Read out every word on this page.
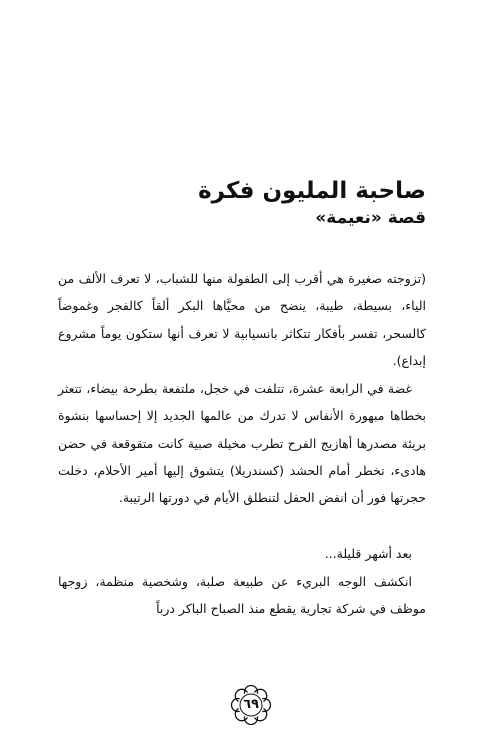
صاحبة المليون فكرة
قصة «نعيمة»
(تزوجته صغيرة هي أقرب إلى الطفولة منها للشباب، لا تعرف الألف من الياء، بسيطة، طيبة، ينضح من محيَّاها البكر ألقاً كالفجر وغموضاً كالسحر، تفسر بأفكار تتكاثر بانسيابية لا تعرف أنها ستكون يوماً مشروع إبداع).
غضة في الرابعة عشرة، تتلفت في خجل، ملتفعة بطرحة بيضاء، تتعثر بخطاها مبهورة الأنفاس لا تدرك من عالمها الجديد إلا إحساسها بنشوة بريئة مصدرها أهازيج الفرح تطرب مخيلة صبية كانت متقوقعة في حضن هادىء، تخطر أمام الحشد (كسندريلا) يتشوق إليها أمير الأحلام، دخلت حجرتها فور أن انفض الحفل لتنطلق الأيام في دورتها الرتيبة.
بعد أشهر قليلة...
انكشف الوجه البريء عن طبيعة صلبة، وشخصية منظمة، زوجها موظف في شركة تجارية يقطع منذ الصباح الباكر درباً
٦٩
